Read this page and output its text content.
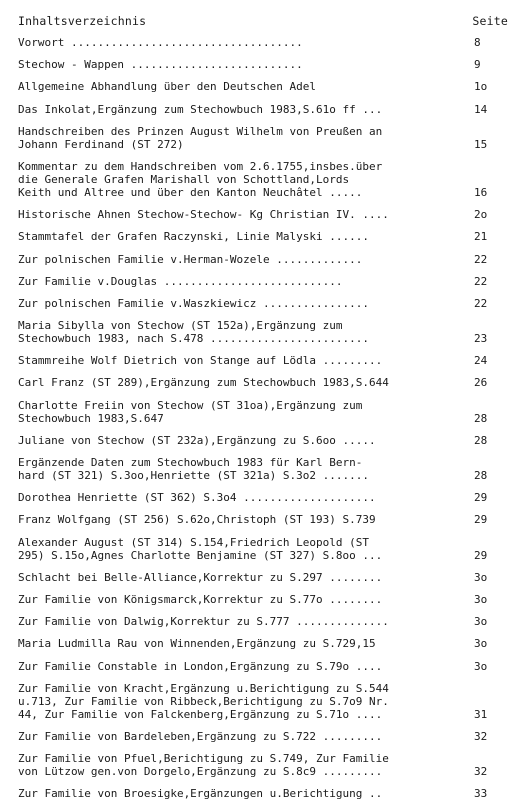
Inhaltsverzeichnis	Seite
Vorwort ...................................	8
Stechow - Wappen ..........................	9
Allgemeine Abhandlung über den Deutschen Adel	1o
Das Inkolat,Ergänzung zum Stechowbuch 1983,S.61o ff ...	14
Handschreiben des Prinzen August Wilhelm von Preußen an
Johann Ferdinand (ST 272)	15
Kommentar zu dem Handschreiben vom 2.6.1755,insbes.über
die Generale Grafen Marishall von Schottland,Lords
Keith und Altree und über den Kanton Neuchâtel .....	16
Historische Ahnen Stechow-Stechow- Kg Christian IV. ....	2o
Stammtafel der Grafen Raczynski, Linie Malyski ......	21
Zur polnischen Familie v.Herman-Wozele .............	22
Zur Familie v.Douglas ...........................	22
Zur polnischen Familie v.Waszkiewicz ................	22
Maria Sibylla von Stechow (ST 152a),Ergänzung zum
Stechowbuch 1983, nach S.478 ........................	23
Stammreihe Wolf Dietrich von Stange auf Lödla .........	24
Carl Franz (ST 289),Ergänzung zum Stechowbuch 1983,S.644	26
Charlotte Freiin von Stechow (ST 31oa),Ergänzung zum
Stechowbuch 1983,S.647	28
Juliane von Stechow (ST 232a),Ergänzung zu S.6oo .....	28
Ergänzende Daten zum Stechowbuch 1983 für Karl Bern-
hard (ST 321) S.3oo,Henriette (ST 321a) S.3o2 .......	28
Dorothea Henriette (ST 362) S.3o4 ....................	29
Franz Wolfgang (ST 256) S.62o,Christoph (ST 193) S.739	29
Alexander August (ST 314) S.154,Friedrich Leopold (ST
295) S.15o,Agnes Charlotte Benjamine (ST 327) S.8oo ...	29
Schlacht bei Belle-Alliance,Korrektur zu S.297 ........	3o
Zur Familie von Königsmarck,Korrektur zu S.77o ........	3o
Zur Familie von Dalwig,Korrektur zu S.777 ..............	3o
Maria Ludmilla Rau von Winnenden,Ergänzung zu S.729,15	3o
Zur Familie Constable in London,Ergänzung zu S.79o ....	3o
Zur Familie von Kracht,Ergänzung u.Berichtigung zu S.544
u.713, Zur Familie von Ribbeck,Berichtigung zu S.7o9 Nr.
44, Zur Familie von Falckenberg,Ergänzung zu S.71o ....	31
Zur Familie von Bardeleben,Ergänzung zu S.722 .........	32
Zur Familie von Pfuel,Berichtigung zu S.749, Zur Familie
von Lützow gen.von Dorgelo,Ergänzung zu S.8c9 .........	32
Zur Familie von Broesigke,Ergänzungen u.Berichtigung ..	33
